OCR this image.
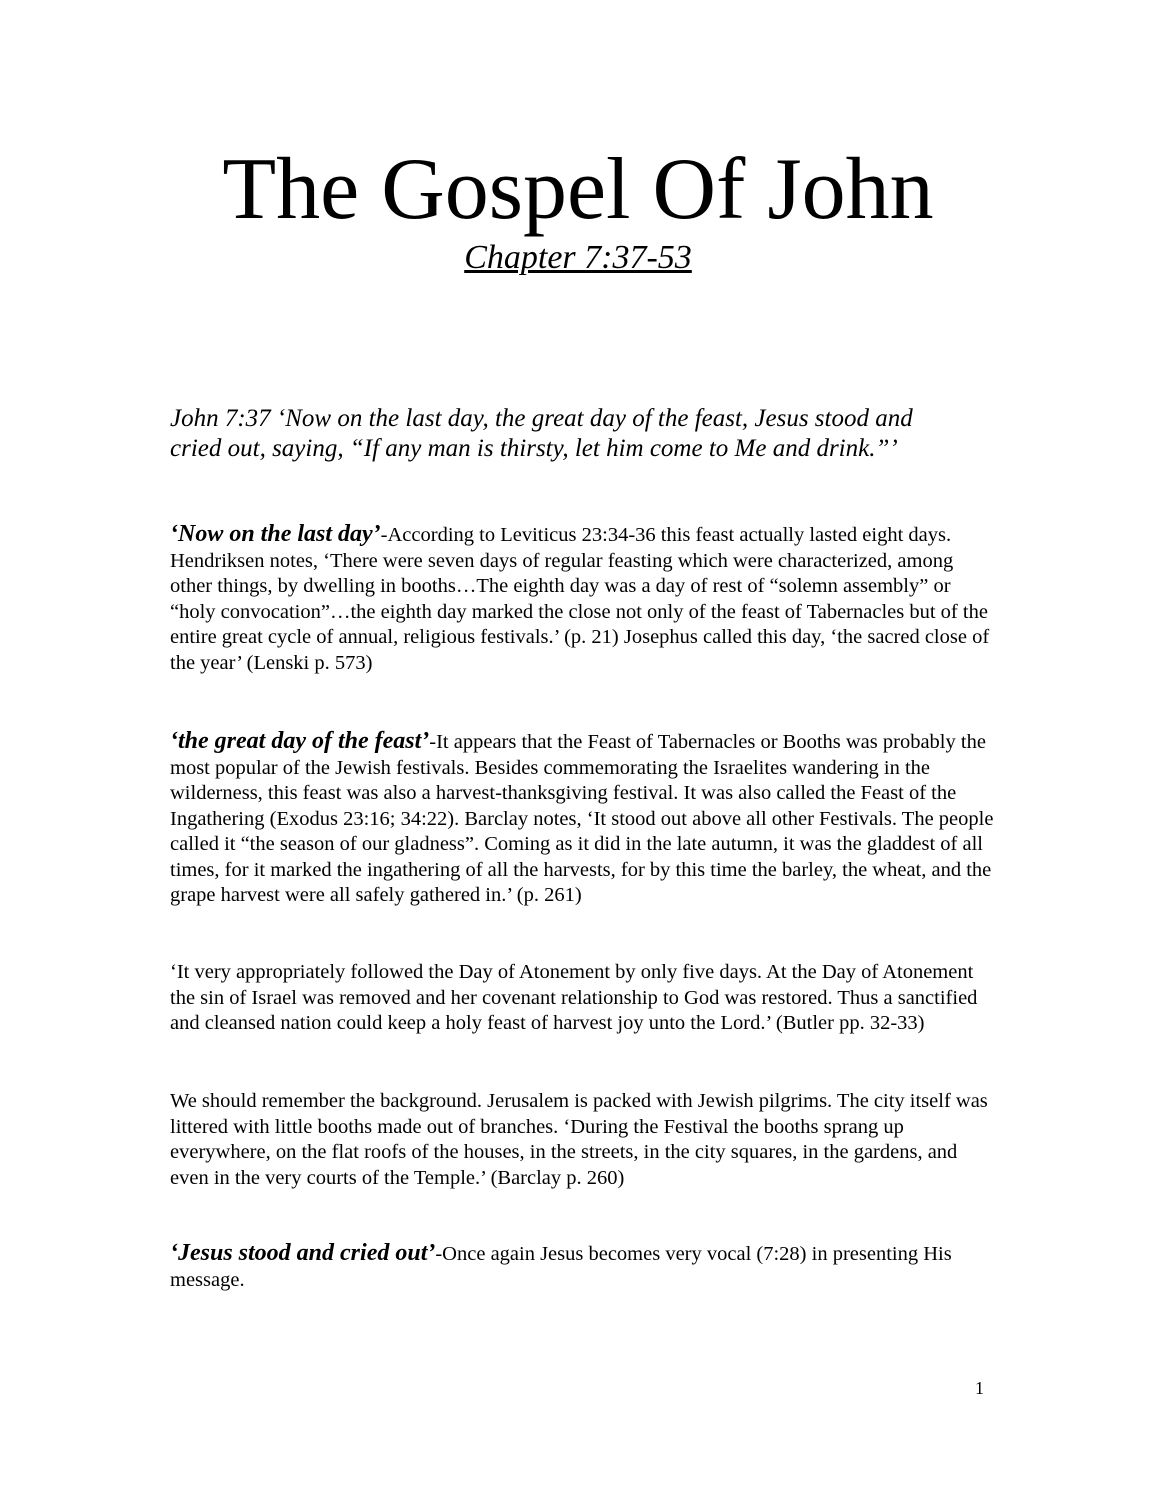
The Gospel Of John
Chapter 7:37-53
John 7:37 ‘Now on the last day, the great day of the feast, Jesus stood and
cried out, saying, “If any man is thirsty, let him come to Me and drink.”’
‘Now on the last day’-According to Leviticus 23:34-36 this feast actually lasted eight days. Hendriksen notes, ‘There were seven days of regular feasting which were characterized, among other things, by dwelling in booths…The eighth day was a day of rest of “solemn assembly” or “holy convocation”…the eighth day marked the close not only of the feast of Tabernacles but of the entire great cycle of annual, religious festivals.’ (p. 21) Josephus called this day, ‘the sacred close of the year’ (Lenski p. 573)
‘the great day of the feast’-It appears that the Feast of Tabernacles or Booths was probably the most popular of the Jewish festivals. Besides commemorating the Israelites wandering in the wilderness, this feast was also a harvest-thanksgiving festival. It was also called the Feast of the Ingathering (Exodus 23:16; 34:22). Barclay notes, ‘It stood out above all other Festivals. The people called it “the season of our gladness”. Coming as it did in the late autumn, it was the gladdest of all times, for it marked the ingathering of all the harvests, for by this time the barley, the wheat, and the grape harvest were all safely gathered in.’ (p. 261)
‘It very appropriately followed the Day of Atonement by only five days. At the Day of Atonement the sin of Israel was removed and her covenant relationship to God was restored. Thus a sanctified and cleansed nation could keep a holy feast of harvest joy unto the Lord.’ (Butler pp. 32-33)
We should remember the background. Jerusalem is packed with Jewish pilgrims. The city itself was littered with little booths made out of branches. ‘During the Festival the booths sprang up everywhere, on the flat roofs of the houses, in the streets, in the city squares, in the gardens, and even in the very courts of the Temple.’ (Barclay p. 260)
‘Jesus stood and cried out’-Once again Jesus becomes very vocal (7:28) in presenting His message.
1
